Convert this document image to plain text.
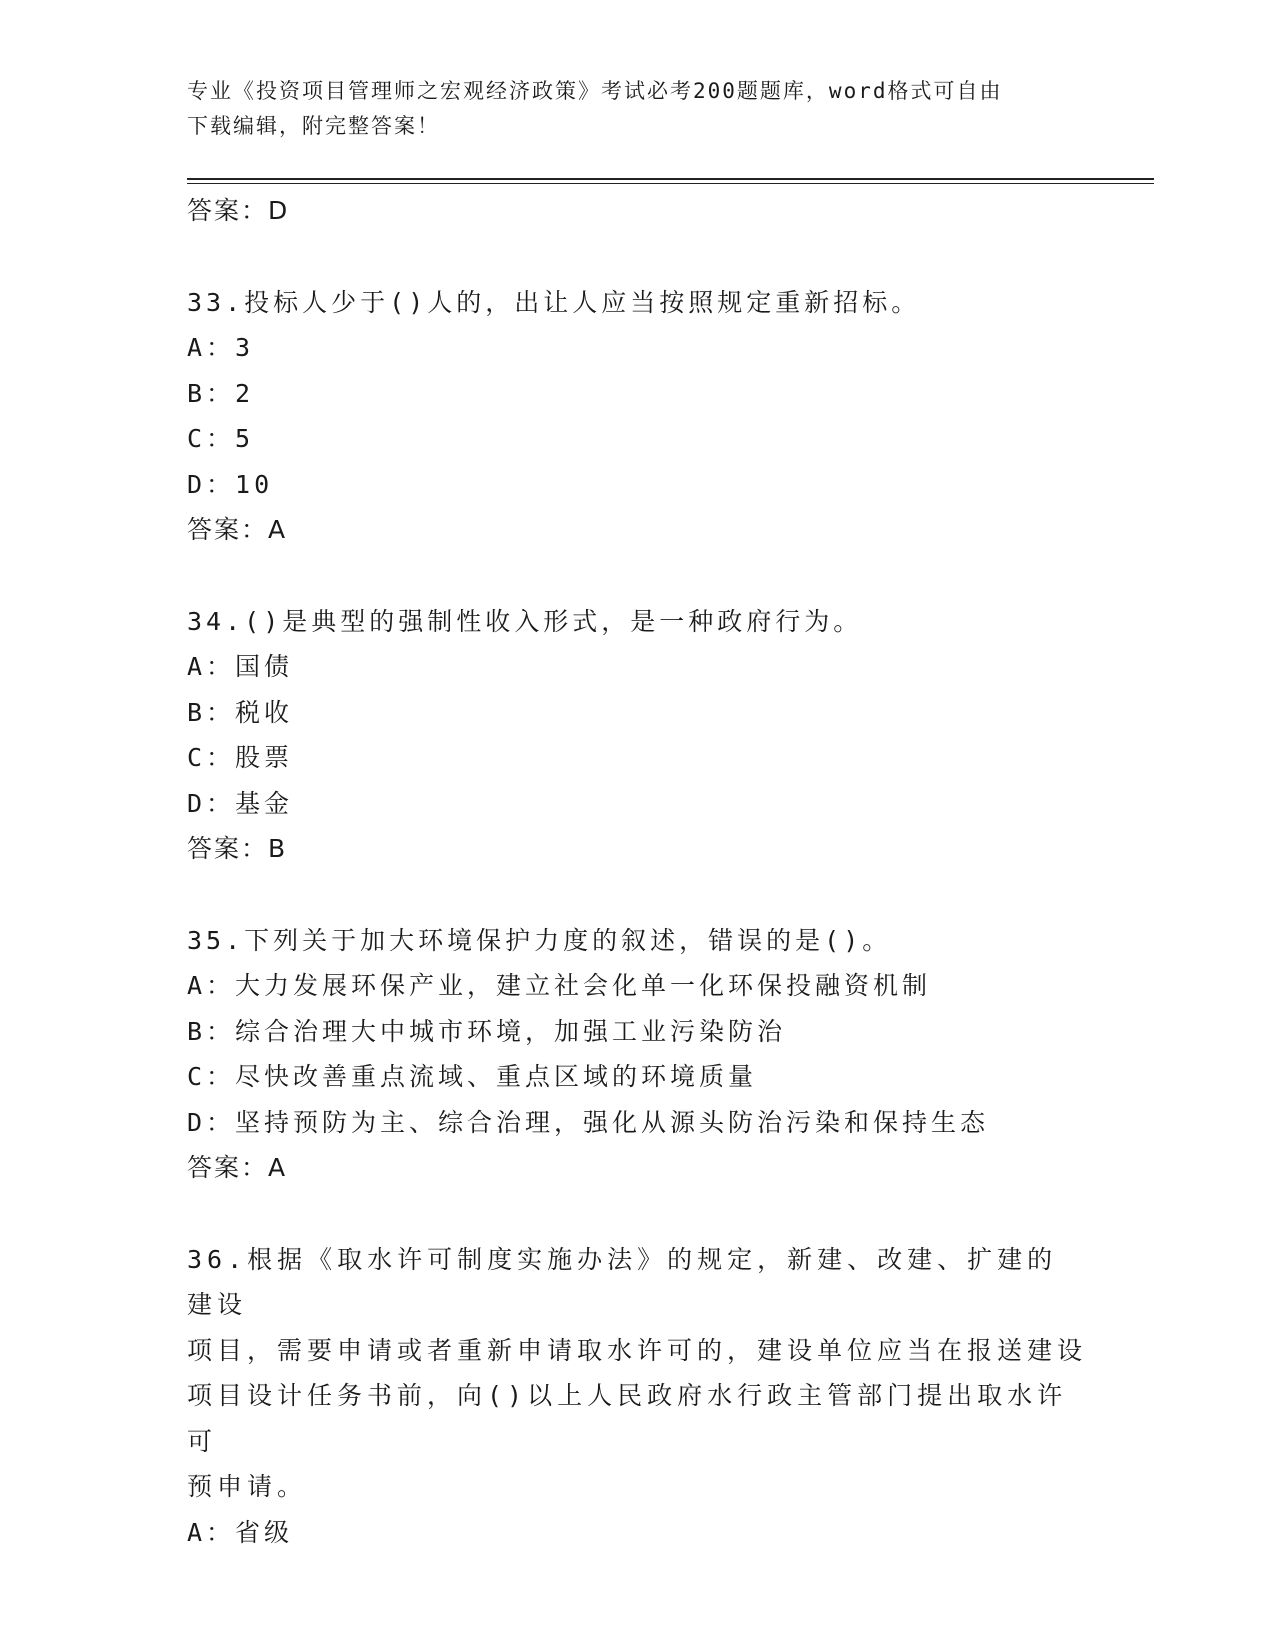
专业《投资项目管理师之宏观经济政策》考试必考200题题库，word格式可自由
下载编辑，附完整答案！
答案：D
33.投标人少于()人的，出让人应当按照规定重新招标。
A：3
B：2
C：5
D：10
答案：A
34.()是典型的强制性收入形式，是一种政府行为。
A：国债
B：税收
C：股票
D：基金
答案：B
35.下列关于加大环境保护力度的叙述，错误的是()。
A：大力发展环保产业，建立社会化单一化环保投融资机制
B：综合治理大中城市环境，加强工业污染防治
C：尽快改善重点流域、重点区域的环境质量
D：坚持预防为主、综合治理，强化从源头防治污染和保持生态
答案：A
36.根据《取水许可制度实施办法》的规定，新建、改建、扩建的建设
项目，需要申请或者重新申请取水许可的，建设单位应当在报送建设
项目设计任务书前，向()以上人民政府水行政主管部门提出取水许可
预申请。
A：省级
